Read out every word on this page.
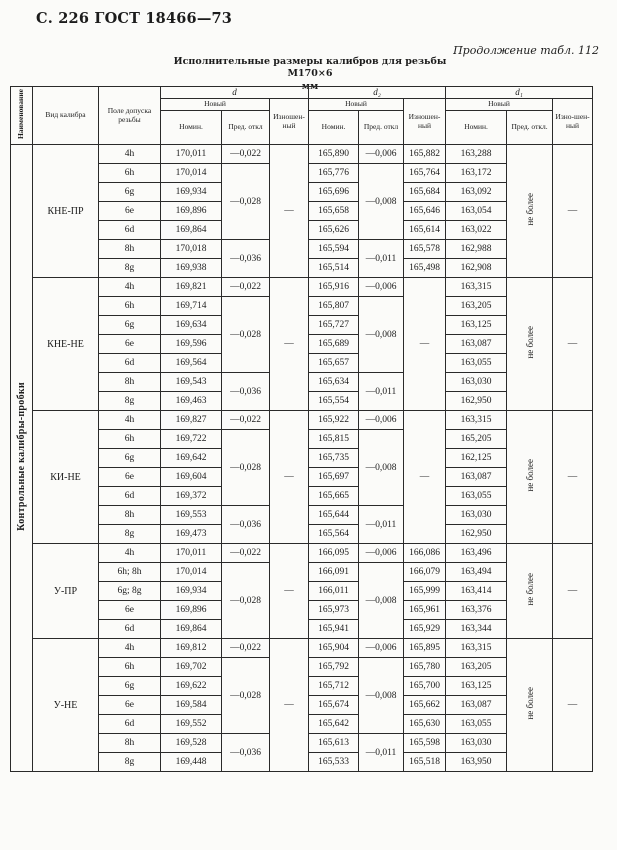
С. 226 ГОСТ 18466—73
Продолжение табл. 112
Исполнительные размеры калибров для резьбы М170×6
мм
Наименование	Вид калибра	Поле допуска резьбы	d			d₂			d₁		
			Новый		Изношен- ный	Новый		Изношен- ный	Новый		Изно-шен- ный
			Номин.	Пред. откл		Номин.	Пред. откл		Номин.	Пред. откл.	
Контрольные калибры-пробки	КНЕ-ПР	4h	170,011	—0,022	—	165,890	—0,006	165,882	163,288	не более	—
		6h	170,014	—0,028		165,776	—0,008	165,764	163,172		
		6g	169,934			165,696		165,684	163,092		
		6e	169,896			165,658		165,646	163,054		
		6d	169,864			165,626		165,614	163,022		
		8h	170,018	—0,036		165,594	—0,011	165,578	162,988		
		8g	169,938			165,514		165,498	162,908		
	КНЕ-НЕ	4h	169,821	—0,022	—	165,916	—0,006	—	163,315	не более	—
		6h	169,714	—0,028		165,807	—0,008		163,205		
		6g	169,634			165,727			163,125		
		6e	169,596			165,689			163,087		
		6d	169,564			165,657			163,055		
		8h	169,543	—0,036		165,634	—0,011		163,030		
		8g	169,463			165,554			162,950		
	КИ-НЕ	4h	169,827	—0,022	—	165,922	—0,006	—	163,315	не более	—
		6h	169,722	—0,028		165,815	—0,008		165,205		
		6g	169,642			165,735			162,125		
		6e	169,604			165,697			163,087		
		6d	169,372			165,665			163,055		
		8h	169,553	—0,036		165,644	—0,011		163,030		
		8g	169,473			165,564			162,950		
	У-ПР	4h	170,011	—0,022	—	166,095	—0,006	166,086	163,496	не более	—
		6h; 8h	170,014	—0,028		166,091	—0,008	166,079	163,494		
		6g; 8g	169,934			166,011		165,999	163,414		
		6e	169,896			165,973		165,961	163,376		
		6d	169,864			165,941		165,929	163,344		
	У-НЕ	4h	169,812	—0,022	—	165,904	—0,006	165,895	163,315	не более	—
		6h	169,702	—0,028		165,792	—0,008	165,780	163,205		
		6g	169,622			165,712		165,700	163,125		
		6e	169,584			165,674		165,662	163,087		
		6d	169,552			165,642		165,630	163,055		
		8h	169,528	—0,036		165,613	—0,011	165,598	163,030		
		8g	169,448			165,533		165,518	163,950		
